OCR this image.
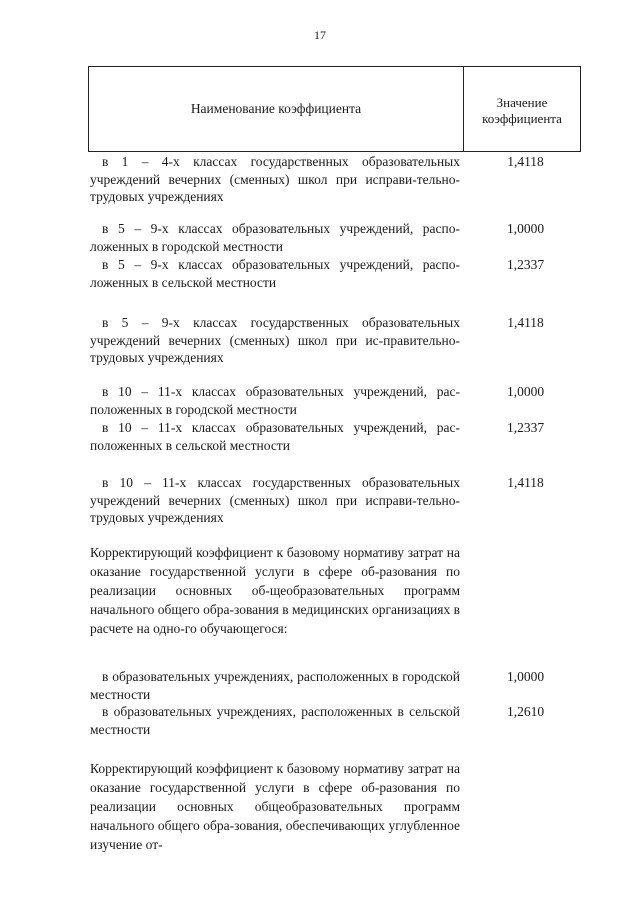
17
Наименование коэффициента	Значение
коэффициента
в 1 – 4-х классах государственных образовательных учреждений вечерних (сменных) школ при исправи-тельно-трудовых учреждениях
1,4118
в 5 – 9-х классах образовательных учреждений, распо-ложенных в городской местности
1,0000
в 5 – 9-х классах образовательных учреждений, распо-ложенных в сельской местности
1,2337
в 5 – 9-х классах государственных образовательных учреждений вечерних (сменных) школ при ис-правительно-трудовых учреждениях
1,4118
в 10 – 11-х классах образовательных учреждений, рас-положенных в городской местности
1,0000
в 10 – 11-х классах образовательных учреждений, рас-положенных в сельской местности
1,2337
в 10 – 11-х классах государственных образовательных учреждений вечерних (сменных) школ при исправи-тельно-трудовых учреждениях
1,4118
Корректирующий коэффициент к базовому нормативу затрат на оказание государственной услуги в сфере об-разования по реализации основных об-щеобразовательных программ начального общего обра-зования в медицинских организациях в расчете на одно-го обучающегося:
в образовательных учреждениях, расположенных в городской местности
1,0000
в образовательных учреждениях, расположенных в сельской местности
1,2610
Корректирующий коэффициент к базовому нормативу затрат на оказание государственной услуги в сфере об-разования по реализации основных общеобразовательных программ начального общего обра-зования, обеспечивающих углубленное изучение от-
